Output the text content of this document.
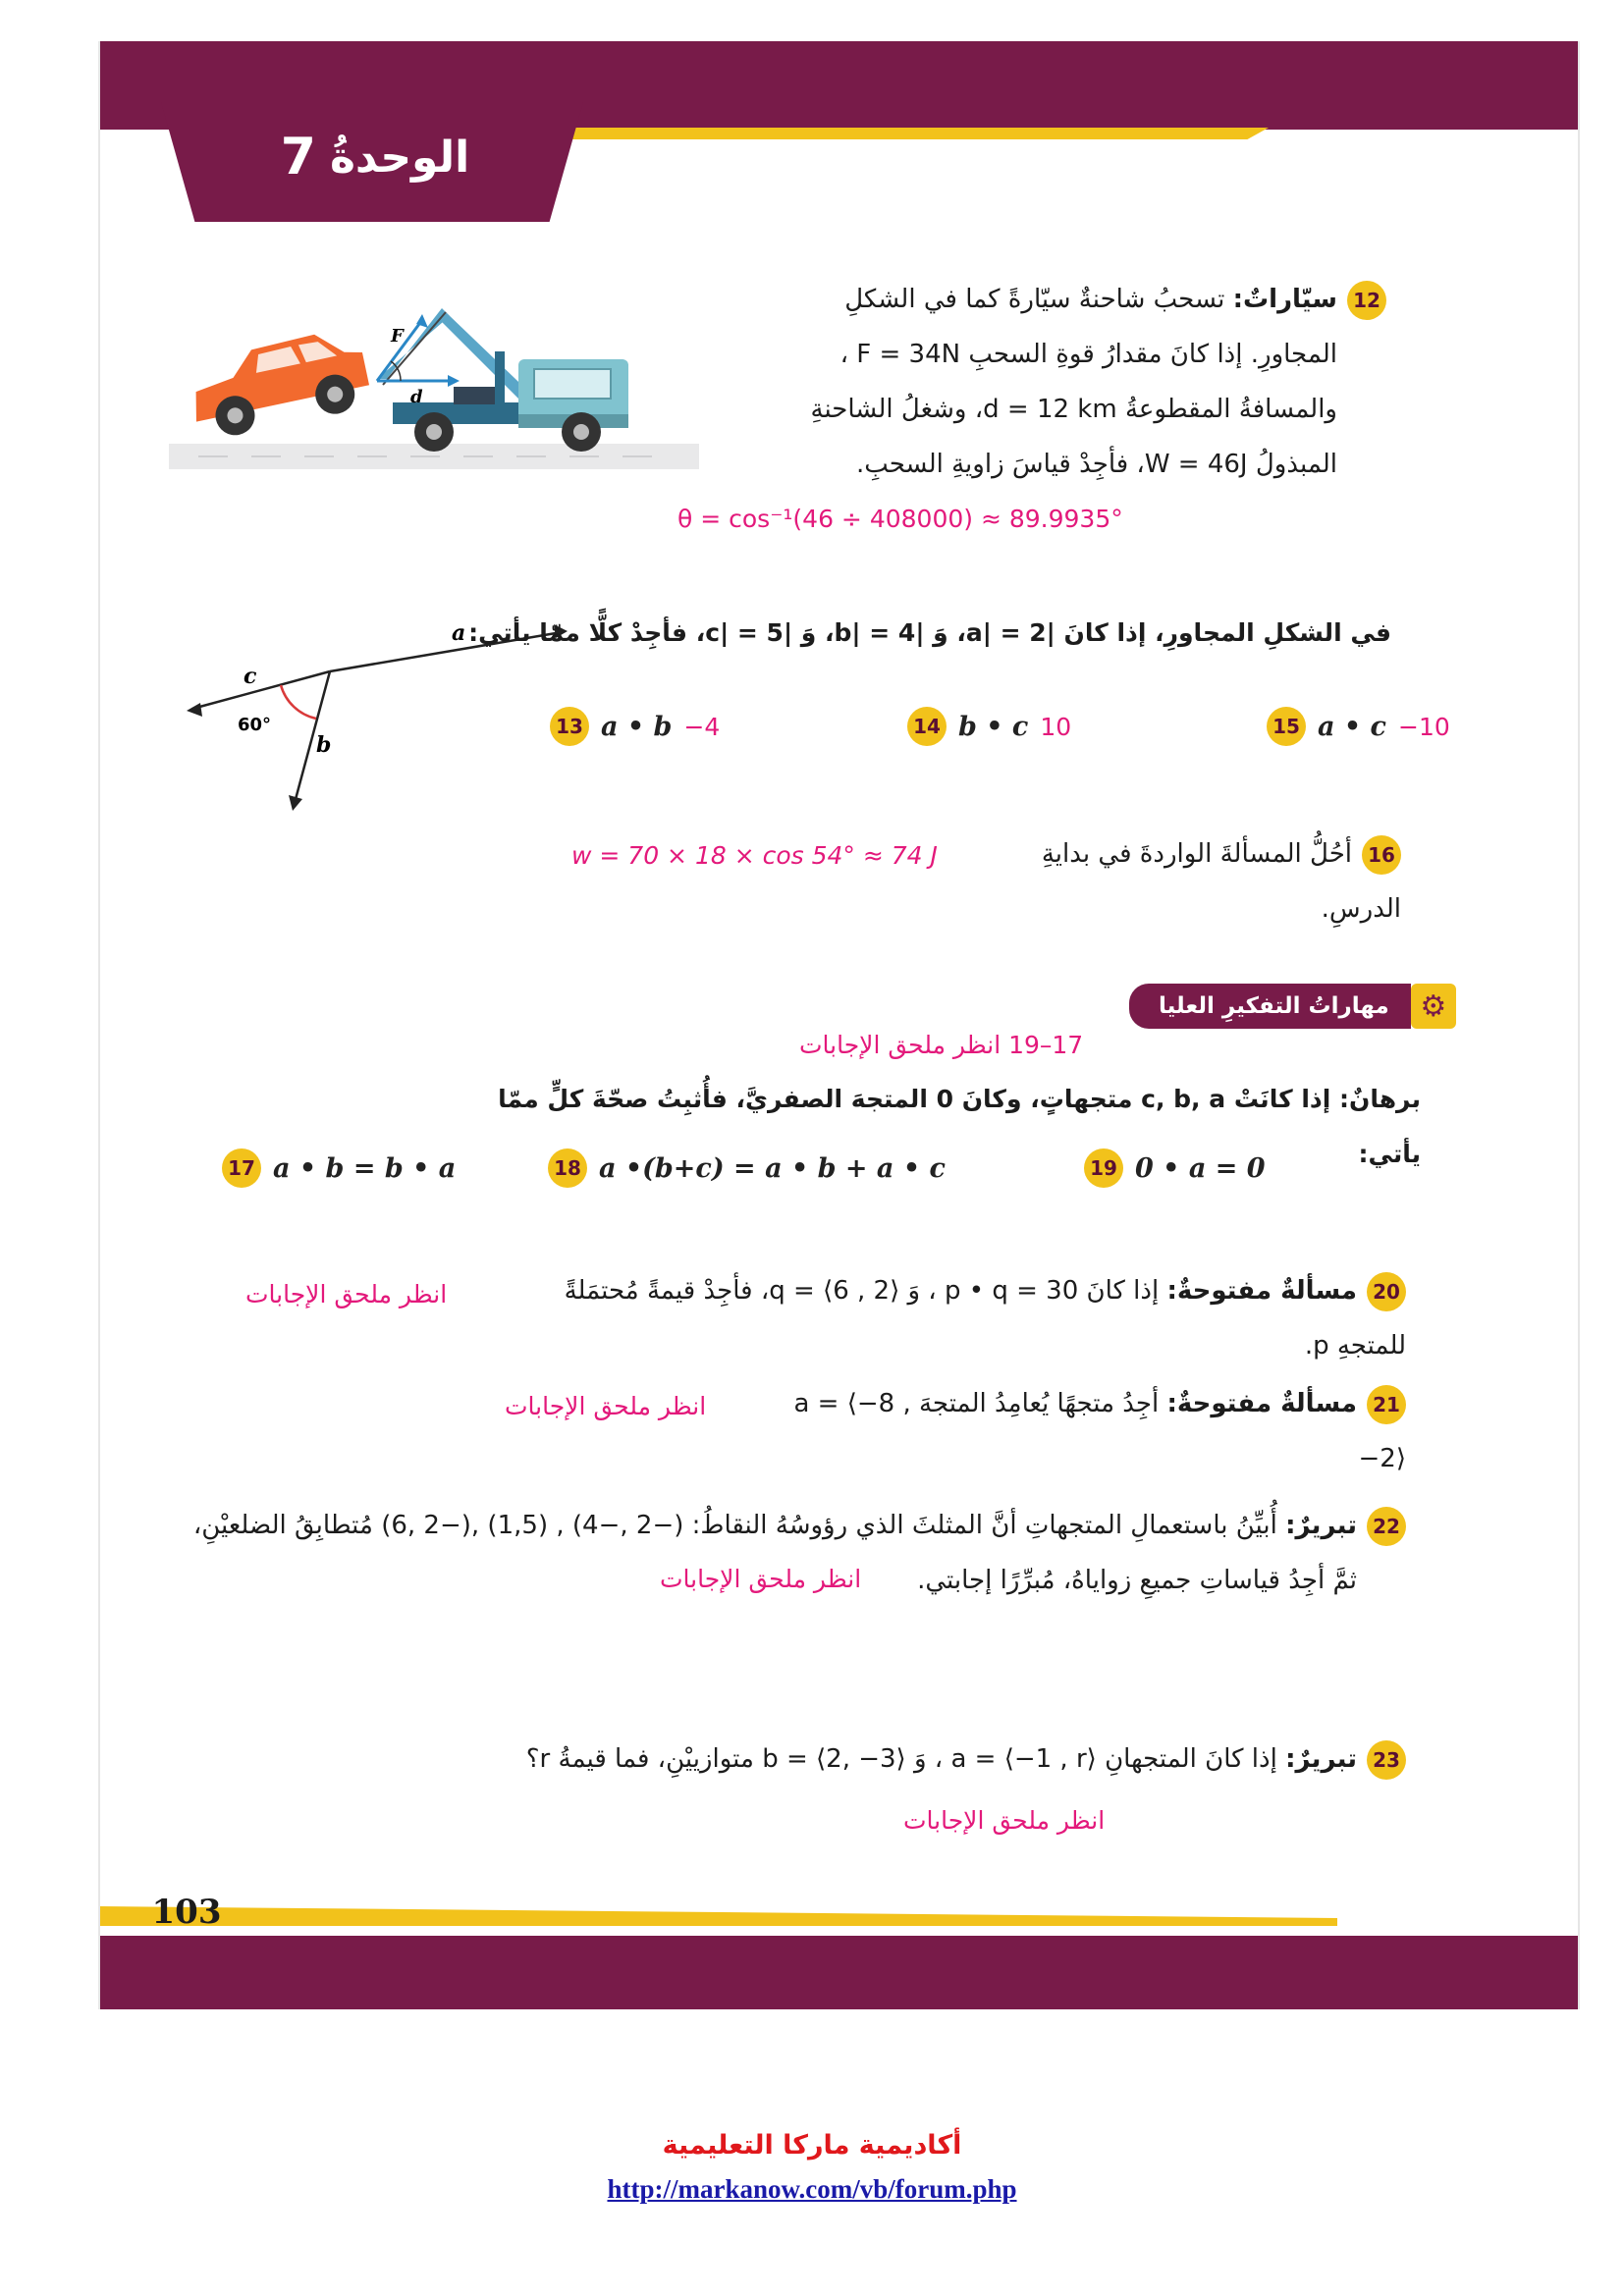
الوحدةُ
7
F
d
12سيّاراتٌ: تسحبُ شاحنةٌ سيّارةً كما في الشكلِ
المجاورِ. إذا كانَ مقدارُ قوةِ السحبِ F = 34N ،
والمسافةُ المقطوعةُ d = 12 km، وشغلُ الشاحنةِ
المبذولُ W = 46J، فأجِدْ قياسَ زاويةِ السحبِ.
θ = cos⁻¹(46 ÷ 408000) ≈ 89.9935°
a
b
c
60°
في الشكلِ المجاورِ، إذا كانَ |a| = 2، وَ |b| = 4، وَ |c| = 5، فأجِدْ كلًّا ممّا يأتي:
13 a • b −4	14 b • c 10	15 a • c −10
16أحُلُّ المسألةَ الواردةَ في بدايةِ الدرسِ.
w = 70 × 18 × cos 54° ≈ 74 J
مهاراتُ التفكيرِ العليا	⚙
17–19 انظر ملحق الإجابات
برهانٌ: إذا كانَتْ c, b, a متجهاتٍ، وكانَ 0 المتجهَ الصفريَّ، فأُثبِتُ صحّةَ كلٍّ ممّا يأتي:
17 a • b = b • a	18 a •(b+c) = a • b + a • c	19 0 • a = 0
20مسألةٌ مفتوحةٌ: إذا كانَ p • q = 30 ، وَ q = ⟨6 , 2⟩، فأجِدْ قيمةً مُحتمَلةً للمتجهِ p.
انظر ملحق الإجابات
21مسألةٌ مفتوحةٌ: أجِدُ متجهًا يُعامِدُ المتجهَ a = ⟨−8 , −2⟩
انظر ملحق الإجابات
22تبريرٌ: أُبيِّنُ باستعمالِ المتجهاتِ أنَّ المثلثَ الذي رؤوسُهُ النقاطُ: (−2 ,−4) , (1,5) ,(−2 ,6) مُتطابِقُ الضلعيْنِ،
ثمَّ أجِدُ قياساتِ جميعِ زواياهُ، مُبرِّرًا إجابتي.
انظر ملحق الإجابات
23تبريرٌ: إذا كانَ المتجهانِ a = ⟨−1 , r⟩ ، وَ b = ⟨2, −3⟩ متوازييْنِ، فما قيمةُ r؟
انظر ملحق الإجابات
103
أكاديمية ماركا التعليمية
http://markanow.com/vb/forum.php
